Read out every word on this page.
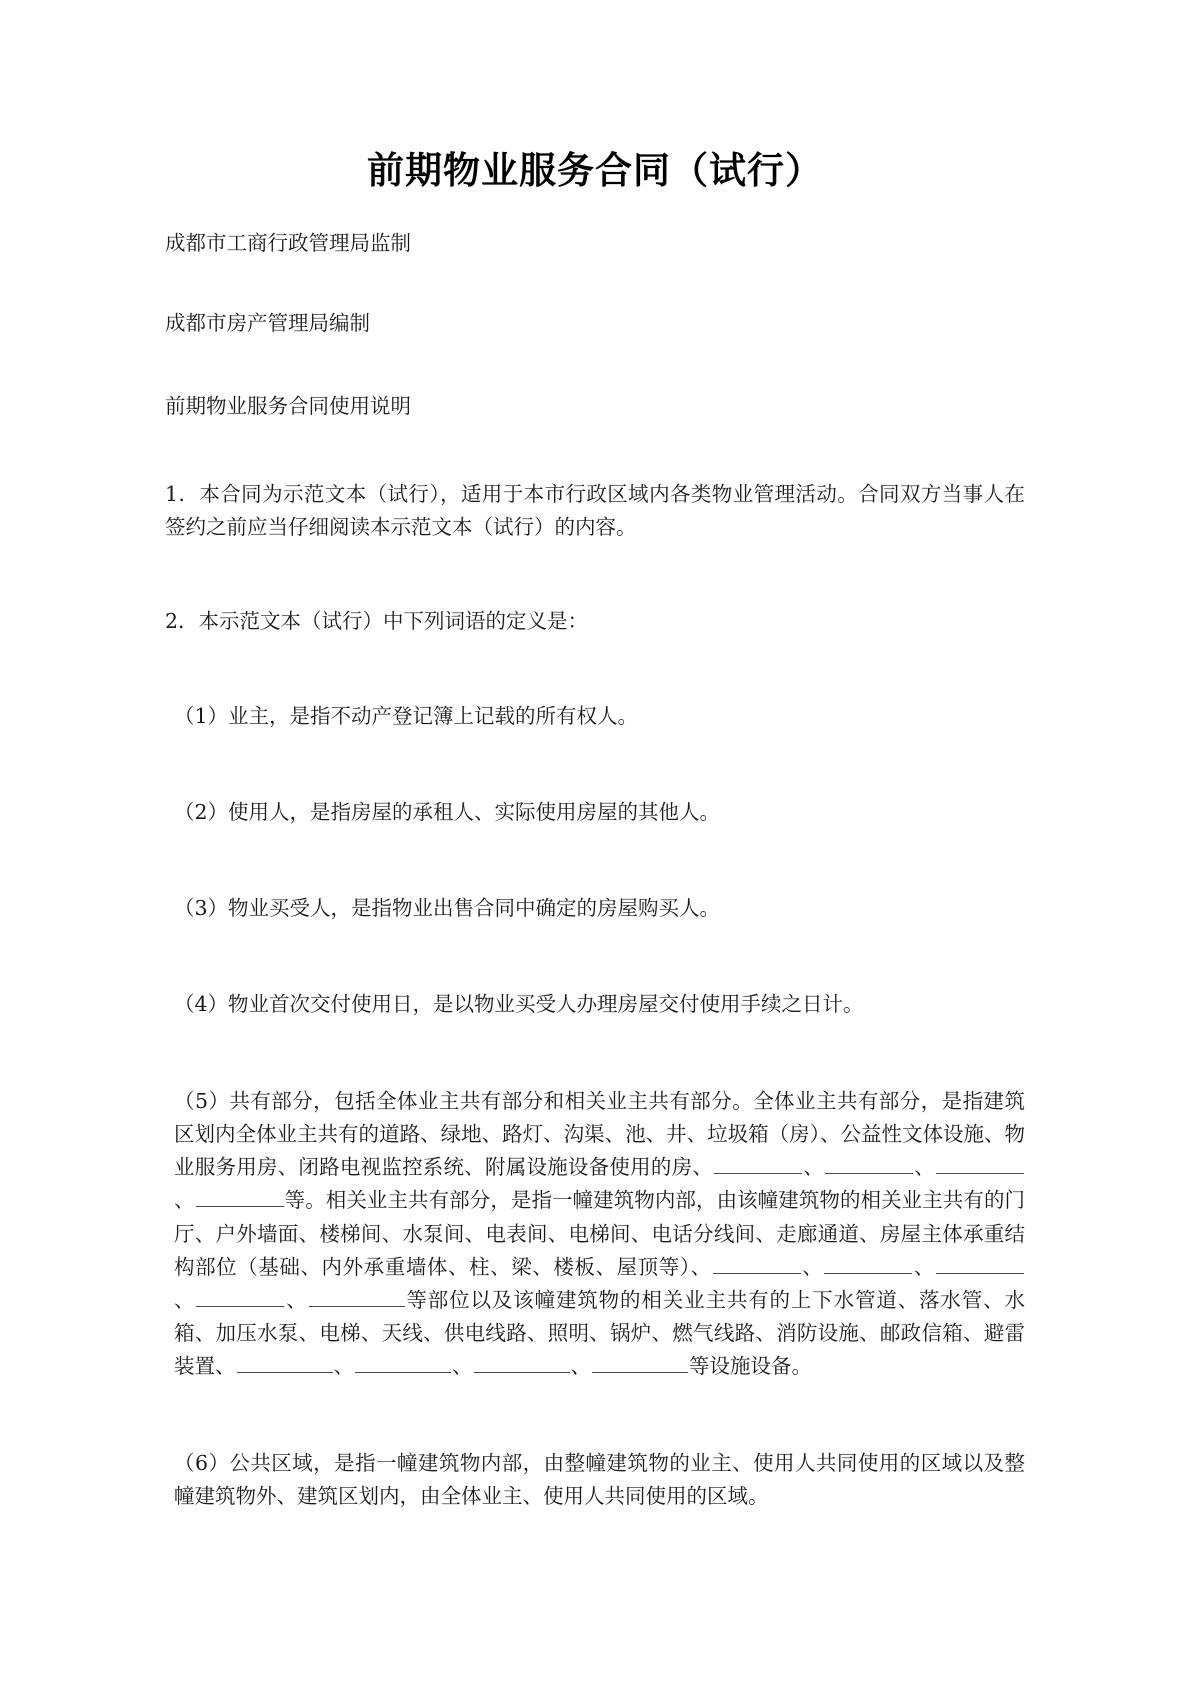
前期物业服务合同（试行）

成都市工商行政管理局监制

成都市房产管理局编制

前期物业服务合同使用说明

1．本合同为示范文本（试行），适用于本市行政区域内各类物业管理活动。合同双方当事人在签约之前应当仔细阅读本示范文本（试行）的内容。

2．本示范文本（试行）中下列词语的定义是：

（1）业主，是指不动产登记簿上记载的所有权人。

（2）使用人，是指房屋的承租人、实际使用房屋的其他人。

（3）物业买受人，是指物业出售合同中确定的房屋购买人。

（4）物业首次交付使用日，是以物业买受人办理房屋交付使用手续之日计。

（5）共有部分，包括全体业主共有部分和相关业主共有部分。全体业主共有部分，是指建筑区划内全体业主共有的道路、绿地、路灯、沟渠、池、井、垃圾箱（房）、公益性文体设施、物业服务用房、闭路电视监控系统、附属设施设备使用的房、	、	、、	等。相关业主共有部分，是指一幢建筑物内部，由该幢建筑物的相关业主共有的门厅、户外墙面、楼梯间、水泵间、电表间、电梯间、电话分线间、走廊通道、房屋主体承重结构部位（基础、内外承重墙体、柱、梁、楼板、屋顶等）、	、	、、	、	等部位以及该幢建筑物的相关业主共有的上下水管道、落水管、水箱、加压水泵、电梯、天线、供电线路、照明、锅炉、燃气线路、消防设施、邮政信箱、避雷装置、	、	、	、	等设施设备。

（6）公共区域，是指一幢建筑物内部，由整幢建筑物的业主、使用人共同使用的区域以及整幢建筑物外、建筑区划内，由全体业主、使用人共同使用的区域。
